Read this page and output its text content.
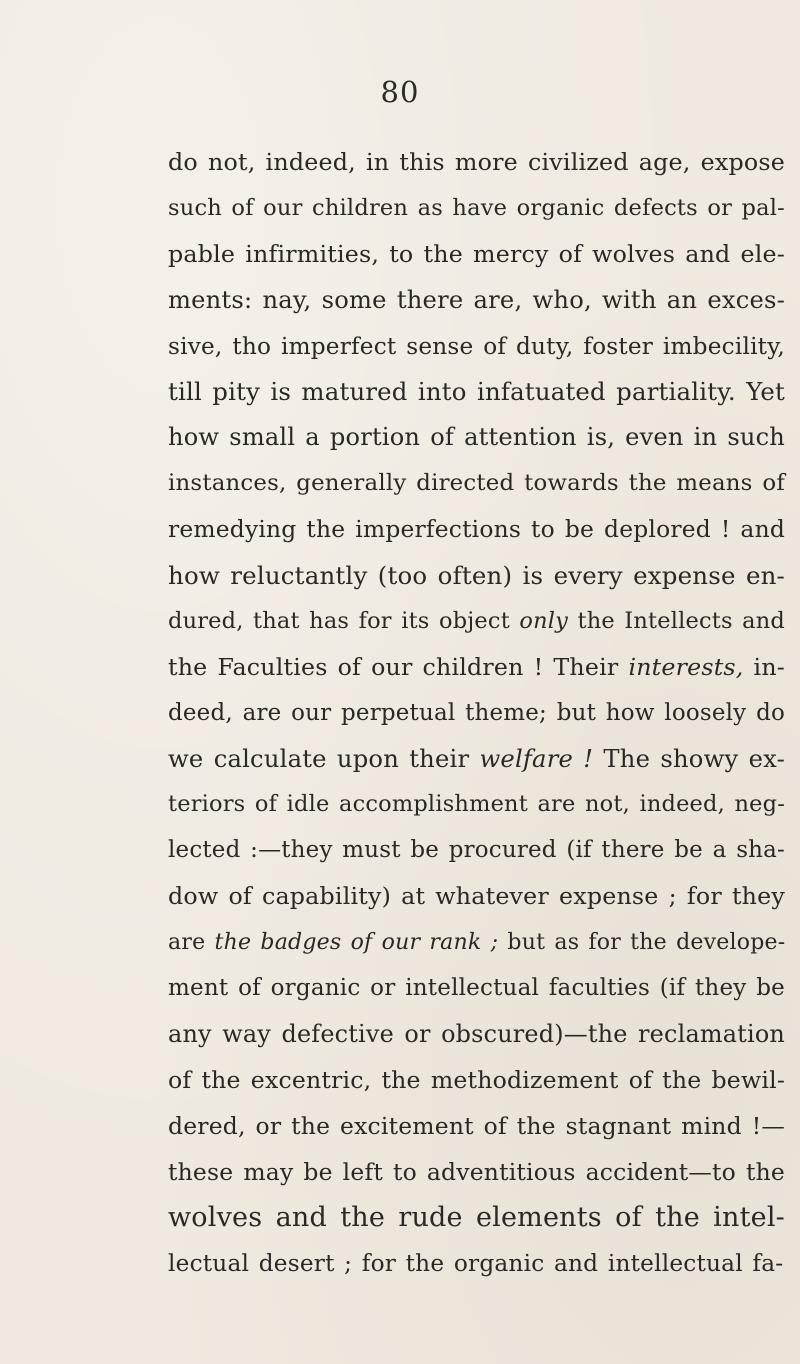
80
do not, indeed, in this more civilized age, expose
such of our children as have organic defects or pal-
pable infirmities, to the mercy of wolves and ele-
ments: nay, some there are, who, with an exces-
sive, tho imperfect sense of duty, foster imbecility,
till pity is matured into infatuated partiality. Yet
how small a portion of attention is, even in such
instances, generally directed towards the means of
remedying the imperfections to be deplored ! and
how reluctantly (too often) is every expense en-
dured, that has for its object only the Intellects and
the Faculties of our children ! Their interests, in-
deed, are our perpetual theme; but how loosely do
we calculate upon their welfare ! The showy ex-
teriors of idle accomplishment are not, indeed, neg-
lected :—they must be procured (if there be a sha-
dow of capability) at whatever expense ; for they
are the badges of our rank ; but as for the develope-
ment of organic or intellectual faculties (if they be
any way defective or obscured)—the reclamation
of the excentric, the methodizement of the bewil-
dered, or the excitement of the stagnant mind !—
these may be left to adventitious accident—to the
wolves and the rude elements of the intel-
lectual desert ; for the organic and intellectual fa-
